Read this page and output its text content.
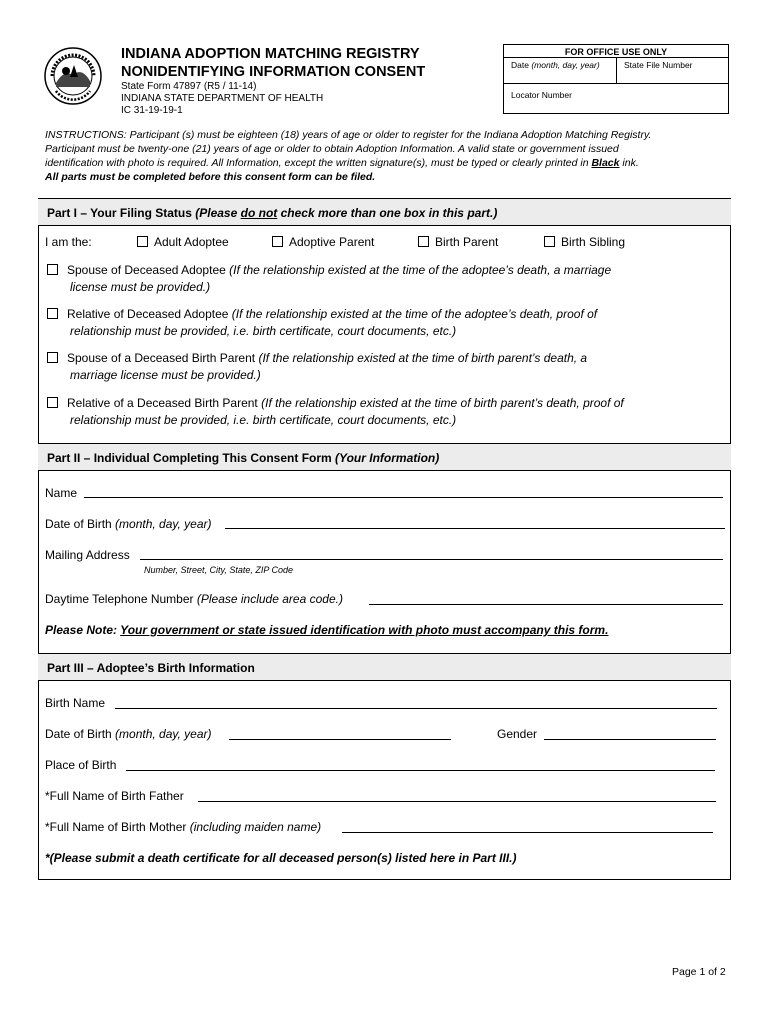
INDIANA ADOPTION MATCHING REGISTRY
NONIDENTIFYING INFORMATION CONSENT
State Form 47897 (R5 / 11-14)
INDIANA STATE DEPARTMENT OF HEALTH
IC 31-19-19-1
FOR OFFICE USE ONLY
Date (month, day, year)	State File Number
Locator Number
INSTRUCTIONS: Participant (s) must be eighteen (18) years of age or older to register for the Indiana Adoption Matching Registry.
Participant must be twenty-one (21) years of age or older to obtain Adoption Information. A valid state or government issued
identification with photo is required. All Information, except the written signature(s), must be typed or clearly printed in Black ink.
All parts must be completed before this consent form can be filed.
Part I – Your Filing Status (Please do not check more than one box in this part.)
I am the:	Adult Adoptee	Adoptive Parent	Birth Parent	Birth Sibling
Spouse of Deceased Adoptee (If the relationship existed at the time of the adoptee’s death, a marriage
license must be provided.)
Relative of Deceased Adoptee (If the relationship existed at the time of the adoptee’s death, proof of
relationship must be provided, i.e. birth certificate, court documents, etc.)
Spouse of a Deceased Birth Parent (If the relationship existed at the time of birth parent’s death, a
marriage license must be provided.)
Relative of a Deceased Birth Parent (If the relationship existed at the time of birth parent’s death, proof of
relationship must be provided, i.e. birth certificate, court documents, etc.)
Part II – Individual Completing This Consent Form (Your Information)
Name
Date of Birth (month, day, year)
Mailing Address
Number, Street, City, State, ZIP Code
Daytime Telephone Number (Please include area code.)
Please Note: Your government or state issued identification with photo must accompany this form.
Part III – Adoptee’s Birth Information
Birth Name
Date of Birth (month, day, year)	Gender
Place of Birth
*Full Name of Birth Father
*Full Name of Birth Mother (including maiden name)
*(Please submit a death certificate for all deceased person(s) listed here in Part III.)
Page 1 of 2
